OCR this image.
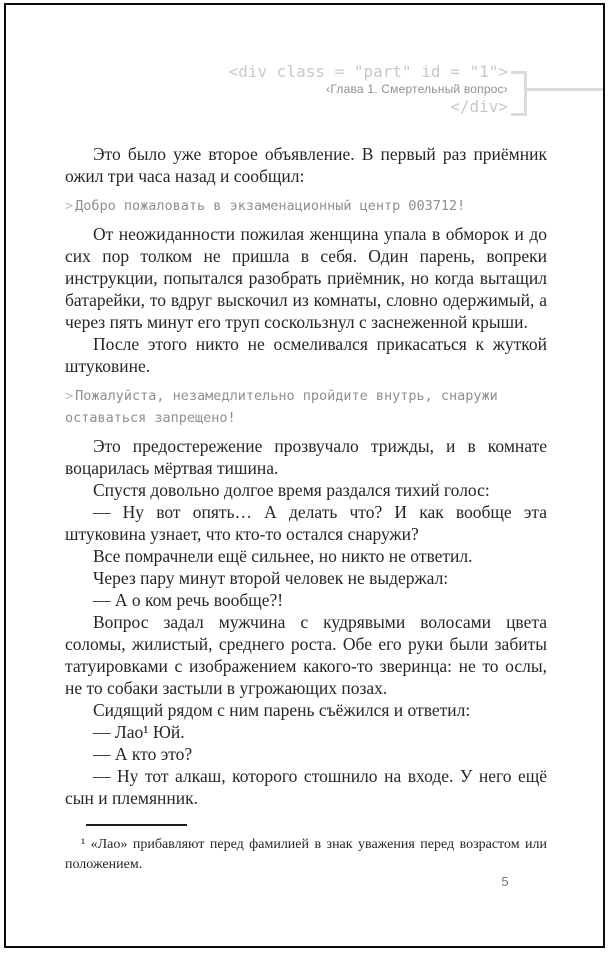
<div class = "part" id = "1">
‹Глава 1. Смертельный вопрос›
</div>

Это было уже второе объявление. В первый раз приёмник ожил три часа назад и сообщил:

> Добро пожаловать в экзаменационный центр 003712!

От неожиданности пожилая женщина упала в обморок и до сих пор толком не пришла в себя. Один парень, вопреки инструкции, попытался разобрать приёмник, но когда вытащил батарейки, то вдруг выскочил из комнаты, словно одержимый, а через пять минут его труп соскользнул с заснеженной крыши.

После этого никто не осмеливался прикасаться к жуткой штуковине.

> Пожалуйста, незамедлительно пройдите внутрь, снаружи оставаться запрещено!

Это предостережение прозвучало трижды, и в комнате воцарилась мёртвая тишина.

Спустя довольно долгое время раздался тихий голос:

— Ну вот опять… А делать что? И как вообще эта штуковина узнает, что кто-то остался снаружи?

Все помрачнели ещё сильнее, но никто не ответил.

Через пару минут второй человек не выдержал:

— А о ком речь вообще?!

Вопрос задал мужчина с кудрявыми волосами цвета соломы, жилистый, среднего роста. Обе его руки были забиты татуировками с изображением какого-то зверинца: не то ослы, не то собаки застыли в угрожающих позах.

Сидящий рядом с ним парень съёжился и ответил:

— Лао¹ Юй.

— А кто это?

— Ну тот алкаш, которого стошнило на входе. У него ещё сын и племянник.

¹ «Лао» прибавляют перед фамилией в знак уважения перед возрастом или положением.

5
